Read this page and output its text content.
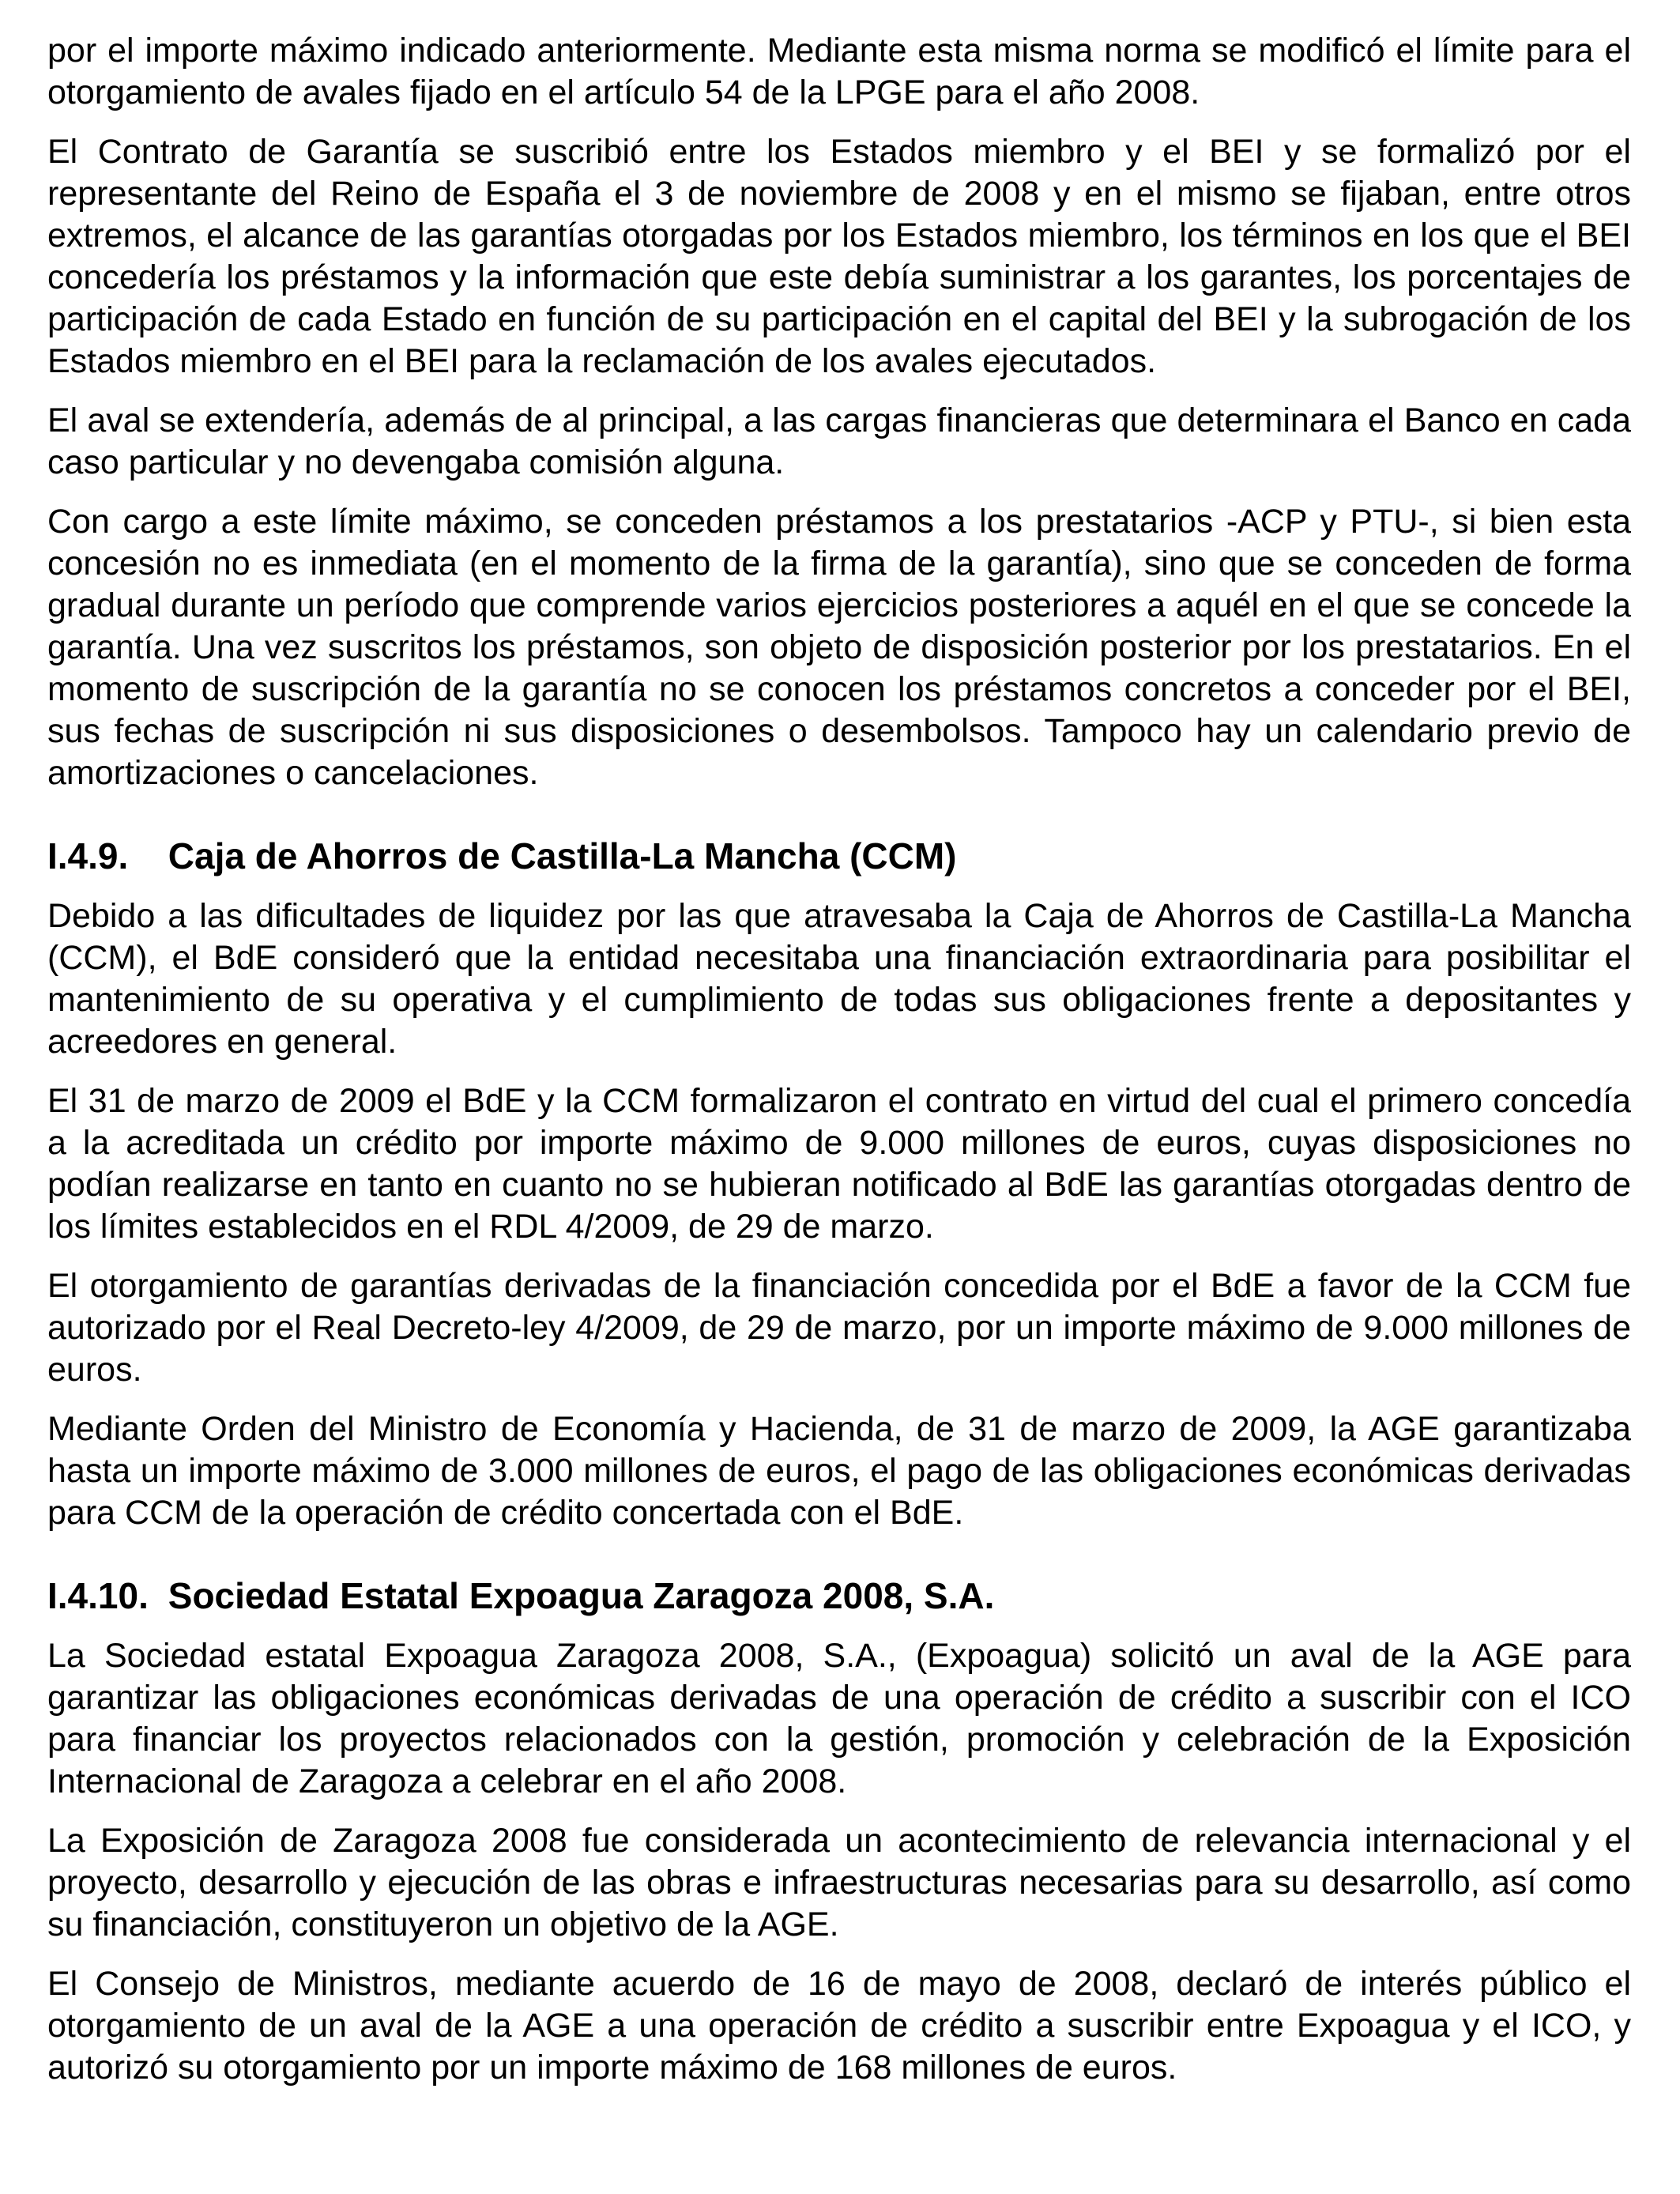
por el importe máximo indicado anteriormente. Mediante esta misma norma se modificó el límite para el otorgamiento de avales fijado en el artículo 54 de la LPGE para el año 2008.

El Contrato de Garantía se suscribió entre los Estados miembro y el BEI y se formalizó por el representante del Reino de España el 3 de noviembre de 2008 y en el mismo se fijaban, entre otros extremos, el alcance de las garantías otorgadas por los Estados miembro, los términos en los que el BEI concedería los préstamos y la información que este debía suministrar a los garantes, los porcentajes de participación de cada Estado en función de su participación en el capital del BEI y la subrogación de los Estados miembro en el BEI para la reclamación de los avales ejecutados.

El aval se extendería, además de al principal, a las cargas financieras que determinara el Banco en cada caso particular y no devengaba comisión alguna.

Con cargo a este límite máximo, se conceden préstamos a los prestatarios -ACP y PTU-, si bien esta concesión no es inmediata (en el momento de la firma de la garantía), sino que se conceden de forma gradual durante un período que comprende varios ejercicios posteriores a aquél en el que se concede la garantía. Una vez suscritos los préstamos, son objeto de disposición posterior por los prestatarios. En el momento de suscripción de la garantía no se conocen los préstamos concretos a conceder por el BEI, sus fechas de suscripción ni sus disposiciones o desembolsos. Tampoco hay un calendario previo de amortizaciones o cancelaciones.

I.4.9. Caja de Ahorros de Castilla-La Mancha (CCM)

Debido a las dificultades de liquidez por las que atravesaba la Caja de Ahorros de Castilla-La Mancha (CCM), el BdE consideró que la entidad necesitaba una financiación extraordinaria para posibilitar el mantenimiento de su operativa y el cumplimiento de todas sus obligaciones frente a depositantes y acreedores en general.

El 31 de marzo de 2009 el BdE y la CCM formalizaron el contrato en virtud del cual el primero concedía a la acreditada un crédito por importe máximo de 9.000 millones de euros, cuyas disposiciones no podían realizarse en tanto en cuanto no se hubieran notificado al BdE las garantías otorgadas dentro de los límites establecidos en el RDL 4/2009, de 29 de marzo.

El otorgamiento de garantías derivadas de la financiación concedida por el BdE a favor de la CCM fue autorizado por el Real Decreto-ley 4/2009, de 29 de marzo, por un importe máximo de 9.000 millones de euros.

Mediante Orden del Ministro de Economía y Hacienda, de 31 de marzo de 2009, la AGE garantizaba hasta un importe máximo de 3.000 millones de euros, el pago de las obligaciones económicas derivadas para CCM de la operación de crédito concertada con el BdE.

I.4.10. Sociedad Estatal Expoagua Zaragoza 2008, S.A.

La Sociedad estatal Expoagua Zaragoza 2008, S.A., (Expoagua) solicitó un aval de la AGE para garantizar las obligaciones económicas derivadas de una operación de crédito a suscribir con el ICO para financiar los proyectos relacionados con la gestión, promoción y celebración de la Exposición Internacional de Zaragoza a celebrar en el año 2008.

La Exposición de Zaragoza 2008 fue considerada un acontecimiento de relevancia internacional y el proyecto, desarrollo y ejecución de las obras e infraestructuras necesarias para su desarrollo, así como su financiación, constituyeron un objetivo de la AGE.

El Consejo de Ministros, mediante acuerdo de 16 de mayo de 2008, declaró de interés público el otorgamiento de un aval de la AGE a una operación de crédito a suscribir entre Expoagua y el ICO, y autorizó su otorgamiento por un importe máximo de 168 millones de euros.
